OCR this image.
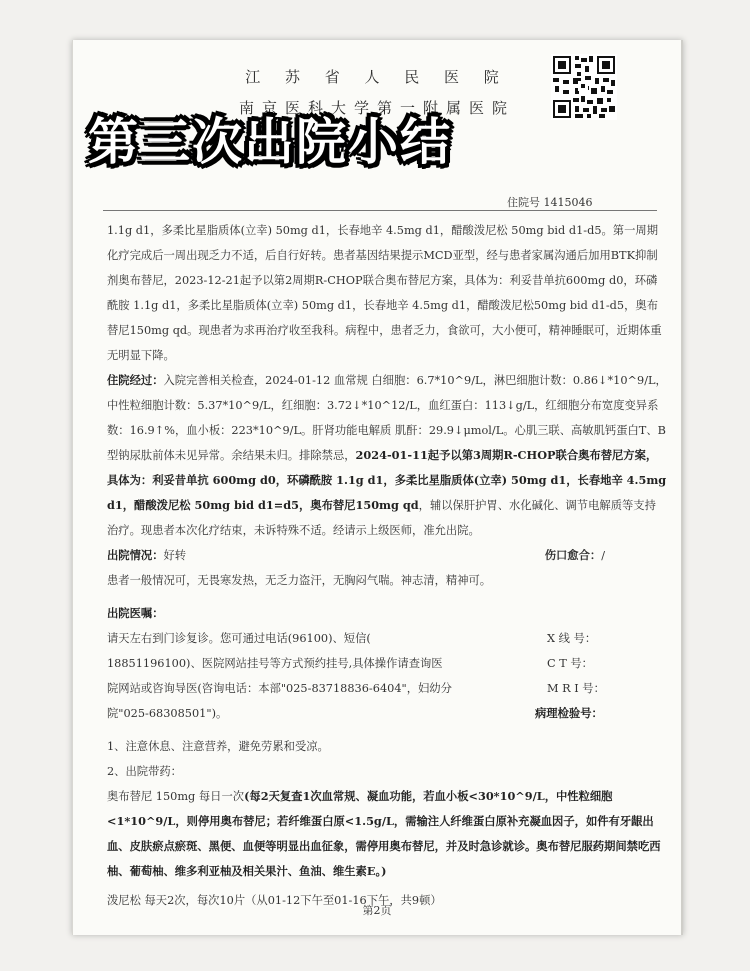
江 苏 省 人 民 医 院
南京医科大学第一附属医院
住院号 1415046

1.1g d1，多柔比星脂质体(立幸) 50mg d1，长春地辛 4.5mg d1，醋酸泼尼松 50mg bid d1-d5。第一周期化疗完成后一周出现乏力不适，后自行好转。患者基因结果提示MCD亚型，经与患者家属沟通后加用BTK抑制剂奥布替尼，2023-12-21起予以第2周期R-CHOP联合奥布替尼方案，具体为：利妥昔单抗600mg d0，环磷酰胺 1.1g d1，多柔比星脂质体(立幸) 50mg d1，长春地辛 4.5mg d1，醋酸泼尼松50mg bid d1-d5，奥布替尼150mg qd。现患者为求再治疗收至我科。病程中，患者乏力，食欲可，大小便可，精神睡眠可，近期体重无明显下降。

住院经过：入院完善相关检查，2024-01-12 血常规 白细胞：6.7*10^9/L，淋巴细胞计数：0.86↓*10^9/L，中性粒细胞计数：5.37*10^9/L，红细胞：3.72↓*10^12/L，血红蛋白：113↓g/L，红细胞分布宽度变异系数：16.9↑%，血小板：223*10^9/L。肝肾功能电解质 肌酐：29.9↓μmol/L。心肌三联、高敏肌钙蛋白T、B型钠尿肽前体未见异常。余结果未归。排除禁忌，2024-01-11起予以第3周期R-CHOP联合奥布替尼方案，具体为：利妥昔单抗 600mg d0，环磷酰胺 1.1g d1，多柔比星脂质体(立幸) 50mg d1，长春地辛 4.5mg d1，醋酸泼尼松 50mg bid d1=d5，奥布替尼150mg qd，辅以保肝护胃、水化碱化、调节电解质等支持治疗。现患者本次化疗结束，未诉特殊不适。经请示上级医师，准允出院。

出院情况：好转	伤口愈合：/

患者一般情况可，无畏寒发热，无乏力盗汗，无胸闷气喘。神志清，精神可。

出院医嘱：

请天左右到门诊复诊。您可通过电话(96100)、短信(	X 线 号：
18851196100)、医院网站挂号等方式预约挂号,具体操作请查询医	C T 号：
院网站或咨询导医(咨询电话：本部"025-83718836-6404"，妇幼分	M R I 号：
院"025-68308501")。	病理检验号：

1、注意休息、注意营养，避免劳累和受凉。

2、出院带药：

奥布替尼 150mg 每日一次(每2天复查1次血常规、凝血功能，若血小板<30*10^9/L，中性粒细胞<1*10^9/L，则停用奥布替尼；若纤维蛋白原<1.5g/L，需输注人纤维蛋白原补充凝血因子，如件有牙龈出血、皮肤瘀点瘀斑、黑便、血便等明显出血征象，需停用奥布替尼，并及时急诊就诊。奥布替尼服药期间禁吃西柚、葡萄柚、维多利亚柚及相关果汁、鱼油、维生素E。)

泼尼松 每天2次，每次10片（从01-12下午至01-16下午，共9顿）

第2页
第三次出院小结
